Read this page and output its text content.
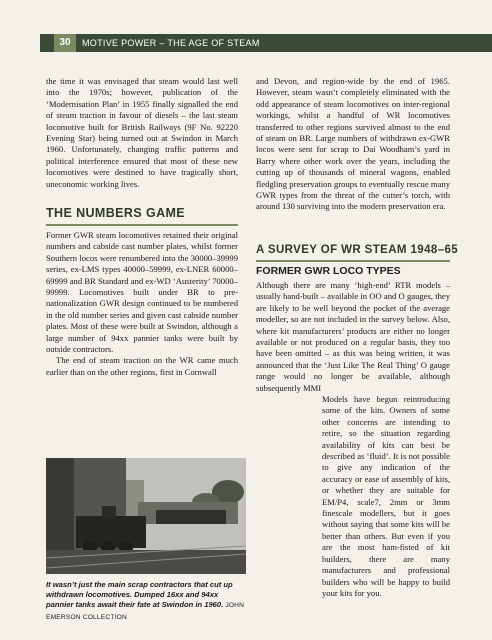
30	MOTIVE POWER – THE AGE OF STEAM

the time it was envisaged that steam would last well into the 1970s; however, publication of the ‘Modernisation Plan’ in 1955 finally signalled the end of steam traction in favour of diesels – the last steam locomotive built for British Railways (9F No. 92220 Evening Star) being turned out at Swindon in March 1960. Unfortunately, changing traffic patterns and political interference ensured that most of these new locomotives were destined to have tragically short, uneconomic working lives.

THE NUMBERS GAME

Former GWR steam locomotives retained their original numbers and cabside cast number plates, whilst former Southern locos were renumbered into the 30000–39999 series, ex-LMS types 40000–59999, ex-LNER 60000–69999 and BR Standard and ex-WD ‘Austerity’ 70000–99999. Locomotives built under BR to pre-nationalization GWR design continued to be numbered in the old number series and given cast cabside number plates. Most of these were built at Swindon, although a large number of 94xx pannier tanks were built by outside contractors.

The end of steam traction on the WR came much earlier than on the other regions, first in Cornwall

It wasn’t just the main scrap contractors that cut up withdrawn locomotives. Dumped 16xx and 94xx pannier tanks await their fate at Swindon in 1960. JOHN EMERSON COLLECTION

and Devon, and region-wide by the end of 1965. However, steam wasn’t completely eliminated with the odd appearance of steam locomotives on inter-regional workings, whilst a handful of WR locomotives transferred to other regions survived almost to the end of steam on BR. Large numbers of withdrawn ex-GWR locos were sent for scrap to Dai Woodham’s yard in Barry where other work over the years, including the cutting up of thousands of mineral wagons, enabled fledgling preservation groups to eventually rescue many GWR types from the threat of the cutter’s torch, with around 130 surviving into the modern preservation era.

A SURVEY OF WR STEAM 1948–65
FORMER GWR LOCO TYPES

Although there are many ‘high-end’ RTR models – usually hand-built – available in OO and O gauges, they are likely to be well beyond the pocket of the average modeller, so are not included in the survey below. Also, where kit manufacturers’ products are either no longer available or not produced on a regular basis, they too have been omitted – as this was being written, it was announced that the ‘Just Like The Real Thing’ O gauge range would no longer be available, although subsequently MMI

Models have begun reintroducing some of the kits. Owners of some other concerns are intending to retire, so the situation regarding availability of kits can best be described as ‘fluid’. It is not possible to give any indication of the accuracy or ease of assembly of kits, or whether they are suitable for EM/P4, scale7, 2mm or 3mm finescale modellers, but it goes without saying that some kits will be better than others. But even if you are the most ham-fisted of kit builders, there are many manufacturers and professional builders who will be happy to build your kits for you.
